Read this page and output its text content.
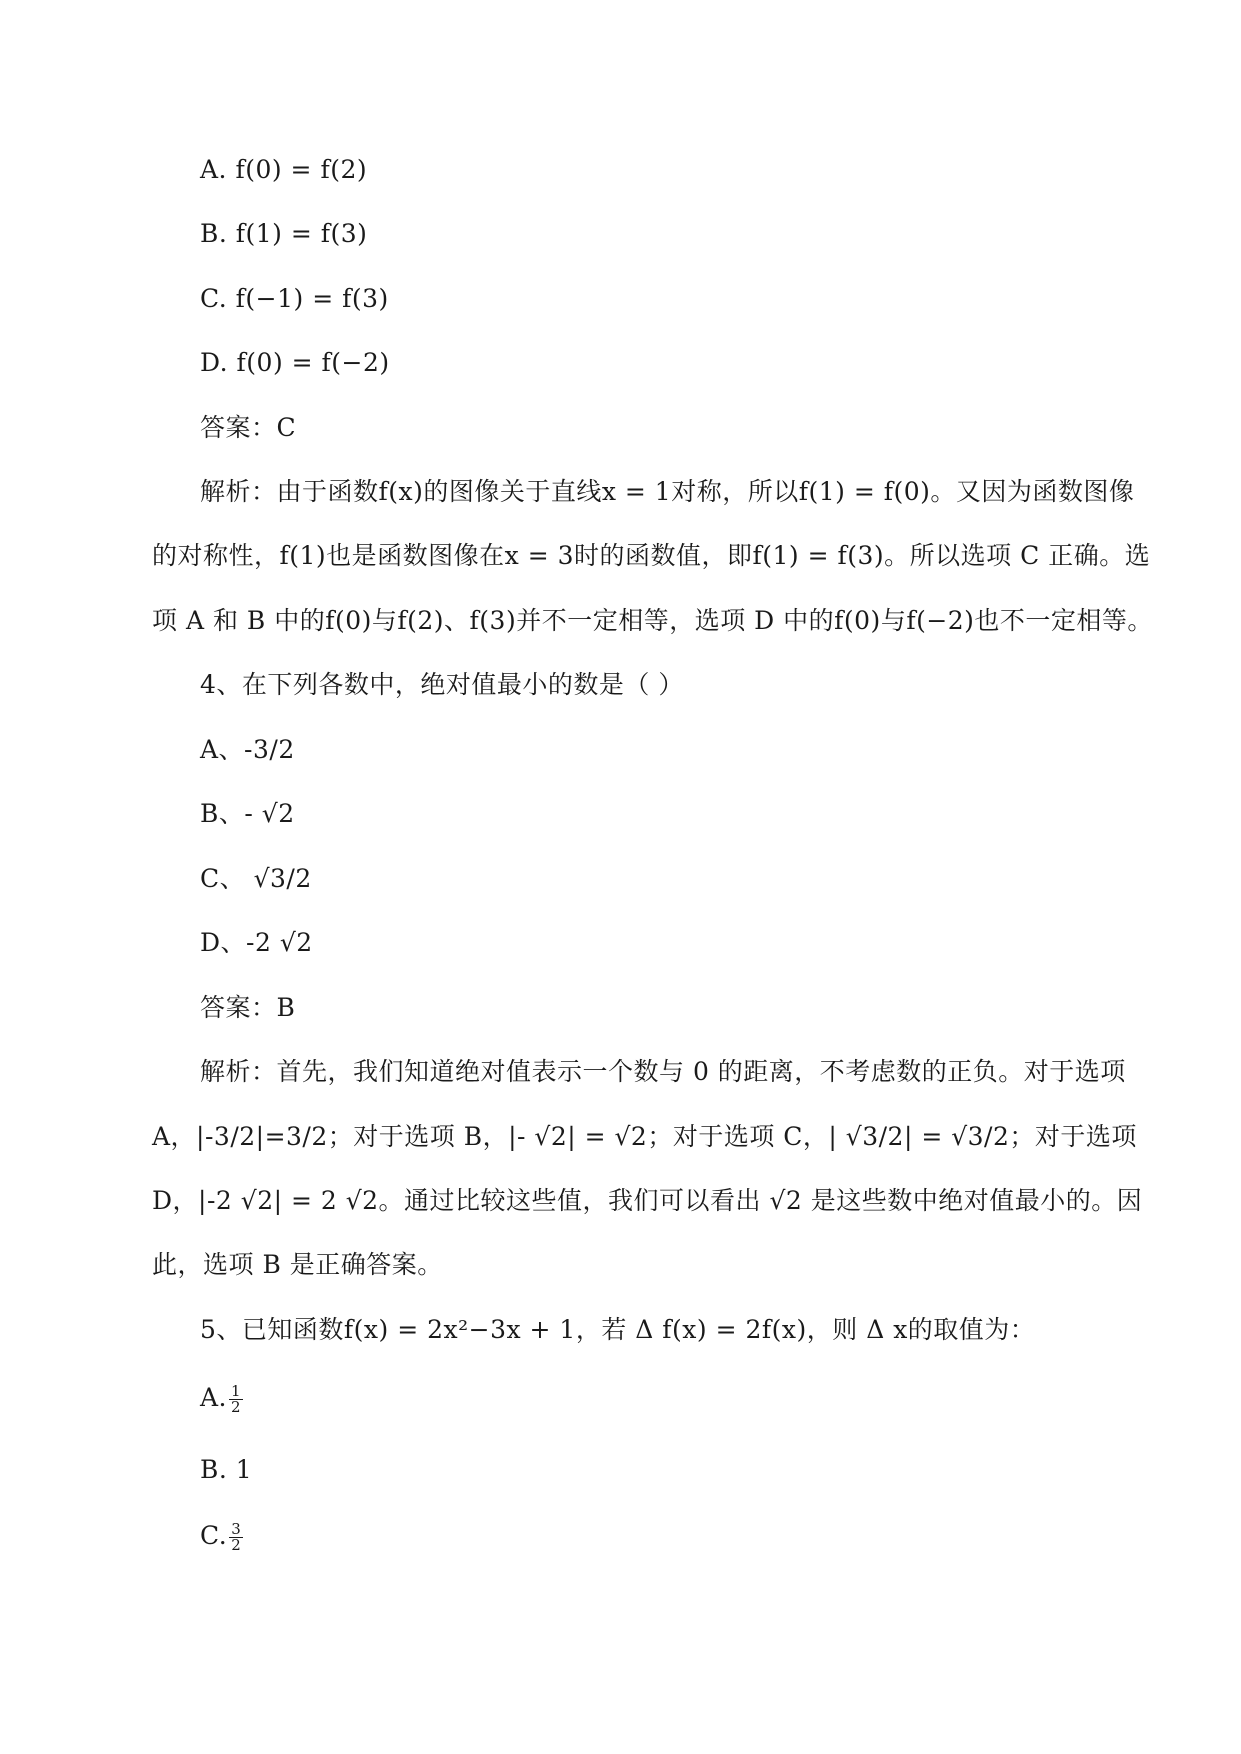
A. f(0) = f(2)
B. f(1) = f(3)
C. f(−1) = f(3)
D. f(0) = f(−2)
答案：C
解析：由于函数f(x)的图像关于直线x = 1对称，所以f(1) = f(0)。又因为函数图像
的对称性，f(1)也是函数图像在x = 3时的函数值，即f(1) = f(3)。所以选项 C 正确。选
项 A 和 B 中的f(0)与f(2)、f(3)并不一定相等，选项 D 中的f(0)与f(−2)也不一定相等。
4、在下列各数中，绝对值最小的数是（ ）
A、-3/2
B、- √2
C、 √3/2
D、-2 √2
答案：B
解析：首先，我们知道绝对值表示一个数与 0 的距离，不考虑数的正负。对于选项
A，|-3/2|=3/2；对于选项 B，|- √2| = √2；对于选项 C，| √3/2| = √3/2；对于选项
D，|-2 √2| = 2 √2。通过比较这些值，我们可以看出 √2 是这些数中绝对值最小的。因
此，选项 B 是正确答案。
5、已知函数f(x) = 2x²−3x + 1，若 Δ f(x) = 2f(x)，则 Δ x的取值为：
A. $\frac{1}{2}$
B. 1
C. $\frac{3}{2}$
